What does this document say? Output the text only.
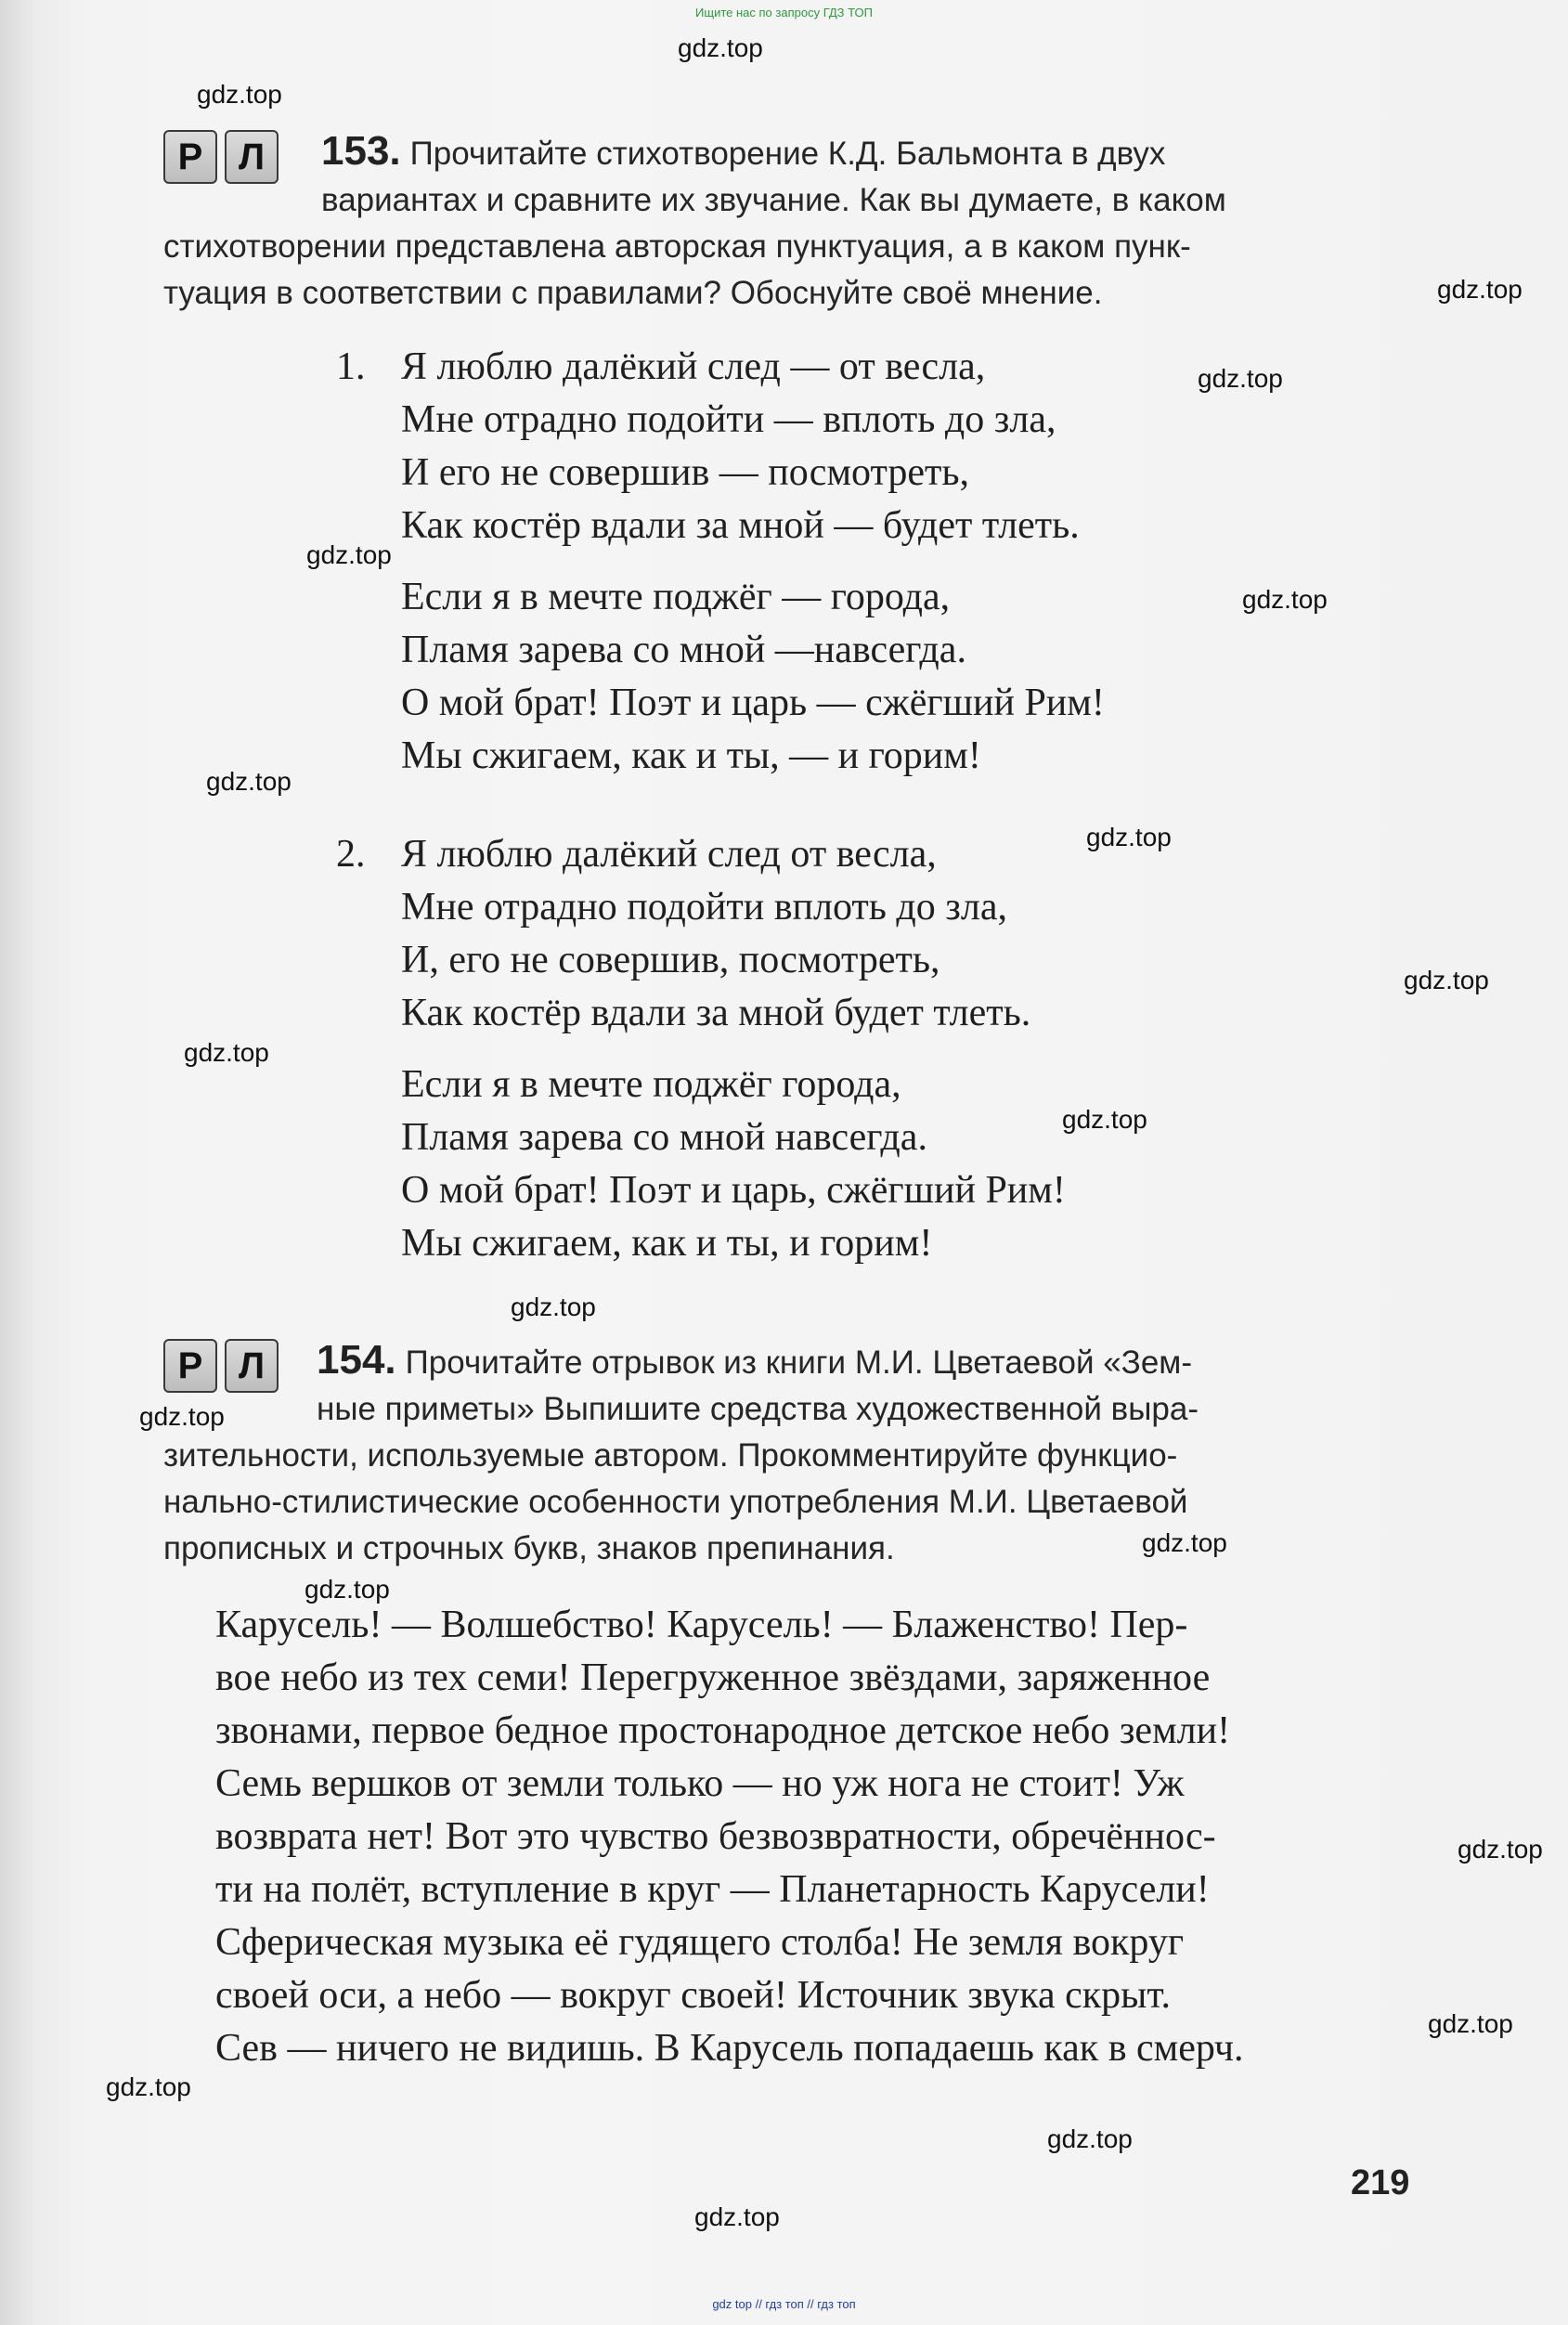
Ищите нас по запросу ГДЗ ТОП
gdz.top
gdz.top
gdz.top
gdz.top
gdz.top
gdz.top
gdz.top
gdz.top
gdz.top
gdz.top
gdz.top
gdz.top
gdz.top
gdz.top
gdz.top
gdz.top
gdz.top
gdz.top
gdz.top
gdz.top
Р Л	153. Прочитайте стихотворение К.Д. Бальмонта в двух
вариантах и сравните их звучание. Как вы думаете, в каком
стихотворении представлена авторская пунктуация, а в каком пунк-
туация в соответствии с правилами? Обоснуйте своё мнение.
1. Я люблю далёкий след — от весла,
Мне отрадно подойти — вплоть до зла,
И его не совершив — посмотреть,
Как костёр вдали за мной — будет тлеть.
Если я в мечте поджёг — города,
Пламя зарева со мной —навсегда.
О мой брат! Поэт и царь — сжёгший Рим!
Мы сжигаем, как и ты, — и горим!
2. Я люблю далёкий след от весла,
Мне отрадно подойти вплоть до зла,
И, его не совершив, посмотреть,
Как костёр вдали за мной будет тлеть.
Если я в мечте поджёг города,
Пламя зарева со мной навсегда.
О мой брат! Поэт и царь, сжёгший Рим!
Мы сжигаем, как и ты, и горим!
Р Л	154. Прочитайте отрывок из книги М.И. Цветаевой «Зем-
ные приметы» Выпишите средства художественной выра-
зительности, используемые автором. Прокомментируйте функцио-
нально-стилистические особенности употребления М.И. Цветаевой
прописных и строчных букв, знаков препинания.
Карусель! — Волшебство! Карусель! — Блаженство! Пер-
вое небо из тех семи! Перегруженное звёздами, заряженное
звонами, первое бедное простонародное детское небо земли!
Семь вершков от земли только — но уж нога не стоит! Уж
возврата нет! Вот это чувство безвозвратности, обречённос-
ти на полёт, вступление в круг — Планетарность Карусели!
Сферическая музыка её гудящего столба! Не земля вокруг
своей оси, а небо — вокруг своей! Источник звука скрыт.
Сев — ничего не видишь. В Карусель попадаешь как в смерч.
219
gdz top // гдз топ // гдз топ
